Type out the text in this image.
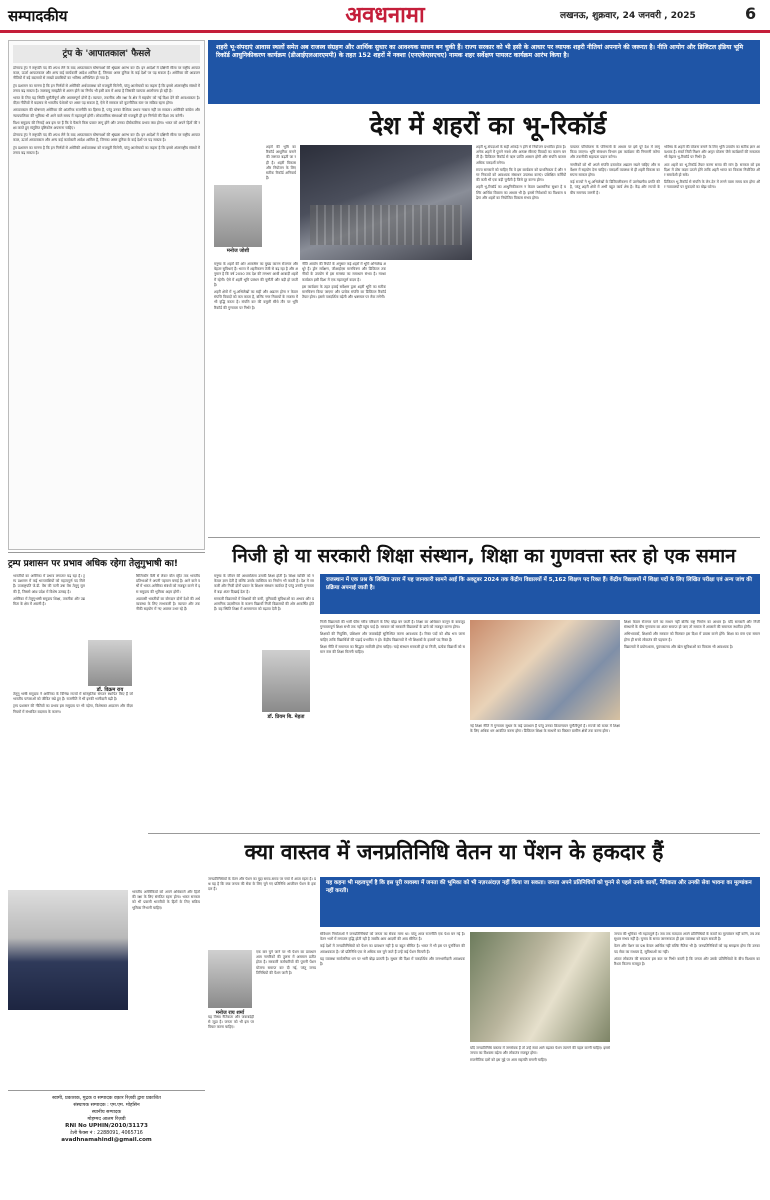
सम्पादकीय	अवधनामा	लखनऊ, शुक्रवार, 24 जनवरी , 2025	6
ट्रंप के 'आपातकाल' फैसले

डोनाल्ड ट्रंप ने राष्ट्रपति पद की शपथ लेने के बाद आपातकाल घोषणाओं की श्रृंखला आरंभ कर दी। इन आदेशों में दक्षिणी सीमा पर राष्ट्रीय आपातकाल, ऊर्जा आपातकाल और अन्य कई कार्यकारी आदेश शामिल हैं, जिनका असर दुनिया के कई देशों पर पड़ सकता है। अमेरिका की आव्रजन नीतियों में बड़े बदलावों से लाखों प्रवासियों का भविष्य अनिश्चित हो गया है।

ट्रंप प्रशासन का मानना है कि इन निर्णयों से अमेरिकी अर्थव्यवस्था को मजबूती मिलेगी, परंतु आलोचकों का कहना है कि इससे अंतरराष्ट्रीय संबंधों में तनाव बढ़ सकता है। जलवायु समझौते से अलग होने का निर्णय भी इसी क्रम में आया है जिसकी व्यापक आलोचना हो रही है।

भारत के लिए यह स्थिति चुनौतीपूर्ण और अवसरपूर्ण दोनों है। व्यापार, तकनीक और रक्षा के क्षेत्र में सहयोग को नई दिशा देने की आवश्यकता है। वीज़ा नीतियों में बदलाव से भारतीय पेशेवरों पर असर पड़ सकता है, ऐसे में सरकार को कूटनीतिक स्तर पर सक्रिय रहना होगा।

आपातकाल की घोषणाएं अमेरिका की आंतरिक राजनीति का हिस्सा हैं, परंतु उनका वैश्विक प्रभाव नकारा नहीं जा सकता। अमेरिकी कांग्रेस और न्यायपालिका की भूमिका भी आने वाले समय में महत्वपूर्ण होगी। लोकतांत्रिक संस्थाओं की मजबूती ही इन निर्णयों की दिशा तय करेगी।

विश्व समुदाय की निगाहें अब इस पर हैं कि ये फैसले किस प्रकार लागू होंगे और उनका दीर्घकालिक प्रभाव क्या होगा। भारत को अपने हितों की रक्षा करते हुए संतुलित दृष्टिकोण अपनाना चाहिए।

डोनाल्ड ट्रंप ने राष्ट्रपति पद की शपथ लेने के बाद आपातकाल घोषणाओं की श्रृंखला आरंभ कर दी। इन आदेशों में दक्षिणी सीमा पर राष्ट्रीय आपातकाल, ऊर्जा आपातकाल और अन्य कई कार्यकारी आदेश शामिल हैं, जिनका असर दुनिया के कई देशों पर पड़ सकता है।

ट्रंप प्रशासन का मानना है कि इन निर्णयों से अमेरिकी अर्थव्यवस्था को मजबूती मिलेगी, परंतु आलोचकों का कहना है कि इससे अंतरराष्ट्रीय संबंधों में तनाव बढ़ सकता है।

शहरी भू-संपदाएं आवास स्थलों समेत अब राजस्व संग्रहण और आर्थिक सुधार का आवश्यक साधन बन चुकी हैं। राज्य सरकार को भी इसी के आधार पर व्यापक शहरी नीतियां अपनाने की जरूरत है। नीति आयोग और डिजिटल इंडिया भूमि रिकॉर्ड आधुनिकीकरण कार्यक्रम (डीआईएलआरएमपी) के तहत 152 शहरों में नक्शा (एनएकेएसएचए) नामक शहर सर्वेक्षण पायलट कार्यक्रम आरंभ किया है।
देश में शहरों का भू-रिकॉर्ड
मनोज जोशी

शहरों की भूमि का रिकॉर्ड आधुनिक बनाने की जरूरत बढ़ती जा रही है। शहरी विकास और नियोजन के लिए सटीक रिकॉर्ड अनिवार्य हैं।

मनुष्य के शहरों की ओर आकर्षण का मुख्य कारण रोजगार और बेहतर सुविधाएं हैं। भारत में शहरीकरण तेजी से बढ़ रहा है और अनुमान है कि वर्ष 2050 तक देश की लगभग आधी आबादी शहरों में रहेगी। ऐसे में शहरी भूमि प्रबंधन की चुनौती और बड़ी हो जाती है।

शहरी क्षेत्रों में भू-अभिलेखों का सही और अद्यतन होना न केवल संपत्ति विवादों को कम करता है, बल्कि नगर निकायों के राजस्व में भी वृद्धि करता है। संपत्ति कर की वसूली सीधे तौर पर भूमि रिकॉर्ड की गुणवत्ता पर निर्भर है।

नीति आयोग की रिपोर्ट के अनुसार कई शहरों में भूमि अभिलेख अधूरे हैं। ड्रोन सर्वेक्षण, जीआईएस मानचित्रण और डिजिटल तकनीकों के उपयोग से इस समस्या का समाधान संभव है। नक्शा कार्यक्रम इसी दिशा में एक महत्वपूर्ण कदम है।

इस कार्यक्रम के तहत हवाई सर्वेक्षण द्वारा शहरी भूमि का सटीक मानचित्रण किया जाएगा और प्रत्येक संपत्ति का डिजिटल रिकॉर्ड तैयार होगा। इससे पारदर्शिता बढ़ेगी और भ्रष्टाचार पर रोक लगेगी।

शहरी भू-संपदाओं के सही आंकड़े न होने से नियोजन प्रभावित होता है। अनेक शहरों में पुराने नक्शे और अस्पष्ट सीमाएं विवादों का कारण बनती हैं। डिजिटल रिकॉर्ड से ऋण प्राप्ति आसान होगी और संपत्ति बाजार अधिक पारदर्शी बनेगा।

राज्य सरकारों को चाहिए कि वे इस कार्यक्रम को प्राथमिकता दें और नगर निकायों को आवश्यक संसाधन उपलब्ध कराएं। प्रशिक्षित कर्मियों की कमी भी एक बड़ी चुनौती है जिसे दूर करना होगा।

शहरी भू-रिकॉर्ड का आधुनिकीकरण न केवल प्रशासनिक सुधार है बल्कि आर्थिक विकास का आधार भी है। इससे निवेशकों का विश्वास बढ़ेगा और शहरों का नियोजित विकास संभव होगा।

पायलट परियोजना के परिणामों के आधार पर इसे पूरे देश में लागू किया जाएगा। भूमि संसाधन विभाग इस कार्यक्रम की निगरानी करेगा और तकनीकी सहायता प्रदान करेगा।

नागरिकों को भी अपने संपत्ति दस्तावेज अद्यतन रखने चाहिए और सर्वेक्षण में सहयोग देना चाहिए। पारदर्शी व्यवस्था से ही शहरी विकास का सपना साकार होगा।

कई राज्यों ने भू-अभिलेखों के डिजिटलीकरण में उल्लेखनीय प्रगति की है, परंतु शहरी क्षेत्रों में अभी बहुत कार्य शेष है। केंद्र और राज्यों के बीच समन्वय जरूरी है।

भविष्य के शहरों की योजना बनाने के लिए भूमि उपयोग का सटीक ज्ञान आवश्यक है। स्मार्ट सिटी मिशन और अमृत योजना जैसे कार्यक्रमों की सफलता भी बेहतर भू-रिकॉर्ड पर निर्भर है।

अतः शहरों का भू-रिकॉर्ड तैयार करना समय की मांग है। सरकार को इस दिशा में ठोस कदम उठाने होंगे ताकि शहरी भारत का विकास नियोजित और समावेशी हो सके।

डिजिटल भू-रिकॉर्ड से संपत्ति के लेन-देन में लगने वाला समय कम होगा और न्यायालयों पर मुकदमों का बोझ घटेगा।

निजी हो या सरकारी शिक्षा संस्थान, शिक्षा का गुणवत्ता स्तर हो एक समान
राजस्थान में एक प्रश्न के लिखित उत्तर में यह जानकारी सामने आई कि अक्टूबर 2024 तक केंद्रीय विद्यालयों में 5,162 शिक्षण पद रिक्त हैं। केंद्रीय विद्यालयों में शिक्षा पदों के लिए लिखित परीक्षा एवं अन्य जांच की प्रक्रिया अपनाई जाती है।
डॉ. प्रियम बि. मेहता

मनुष्य के जीवन की आधारशिला उसकी शिक्षा होती है। शिक्षा व्यक्ति को न केवल ज्ञान देती है बल्कि उसके व्यक्तित्व का निर्माण भी करती है। देश में सरकारी और निजी दोनों प्रकार के शिक्षण संस्थान कार्यरत हैं परंतु उनकी गुणवत्ता में बड़ा अंतर दिखाई देता है।

सरकारी विद्यालयों में शिक्षकों की कमी, बुनियादी सुविधाओं का अभाव और प्रशासनिक उदासीनता के कारण विद्यार्थी निजी विद्यालयों की ओर आकर्षित होते हैं। यह स्थिति शिक्षा में असमानता को बढ़ावा देती है।

निजी विद्यालयों की भारी फीस गरीब परिवारों के लिए बोझ बन जाती है। शिक्षा का अधिकार कानून के बावजूद गुणवत्तापूर्ण शिक्षा सभी तक नहीं पहुंच पाई है। सरकार को सरकारी विद्यालयों के ढांचे को मजबूत करना होगा।

शिक्षकों की नियुक्ति, प्रशिक्षण और जवाबदेही सुनिश्चित करना आवश्यक है। रिक्त पदों को शीघ्र भरा जाना चाहिए ताकि विद्यार्थियों की पढ़ाई प्रभावित न हो। केंद्रीय विद्यालयों में भी शिक्षकों के हजारों पद रिक्त हैं।

शिक्षा नीति में समानता का सिद्धांत सर्वोपरि होना चाहिए। चाहे संस्थान सरकारी हो या निजी, प्रत्येक विद्यार्थी को समान स्तर की शिक्षा मिलनी चाहिए।

नई शिक्षा नीति में गुणवत्ता सुधार के कई प्रावधान हैं परंतु उनका क्रियान्वयन चुनौतीपूर्ण है। राज्यों को बजट में शिक्षा के लिए अधिक धन आवंटित करना होगा। डिजिटल शिक्षा के साधनों का विस्तार ग्रामीण क्षेत्रों तक करना होगा।

शिक्षा केवल रोजगार पाने का साधन नहीं बल्कि राष्ट्र निर्माण का आधार है। यदि सरकारी और निजी संस्थानों के बीच गुणवत्ता का अंतर समाप्त हो जाए तो समाज में अवसरों की समानता स्थापित होगी।

अभिभावकों, शिक्षकों और सरकार को मिलकर इस दिशा में प्रयास करने होंगे। शिक्षा का स्तर एक समान होना ही सच्चे लोकतंत्र की पहचान है।

विद्यालयों में प्रयोगशाला, पुस्तकालय और खेल सुविधाओं का विकास भी आवश्यक है।

ट्रम्प प्रशासन पर प्रभाव अधिक रहेगा तेलुगुभाषी का!

भारतीयों का अमेरिका में प्रभाव लगातार बढ़ रहा है। ट्रम्प प्रशासन में कई भारतवंशियों को महत्वपूर्ण पद मिले हैं। उपराष्ट्रपति जे.डी. वेंस की पत्नी उषा वेंस तेलुगु मूल की हैं, जिससे आंध्र प्रदेश में विशेष उत्साह है।

अमेरिका में तेलुगुभाषी समुदाय शिक्षा, तकनीक और उद्यमिता के क्षेत्र में अग्रणी है।

सिलिकॉन वैली से लेकर वॉल स्ट्रीट तक भारतीय प्रतिभाओं ने अपनी पहचान बनाई है। आने वाले वर्षों में भारत-अमेरिका संबंधों को मजबूत करने में इस समुदाय की भूमिका अहम होगी।

अप्रवासी भारतीयों का योगदान दोनों देशों की अर्थव्यवस्था के लिए लाभकारी है। व्यापार और तकनीकी सहयोग में नए अवसर उभर रहे हैं।

डॉ. विक्रम राय

तेलुगु भाषी समुदाय ने अमेरिका के विभिन्न राज्यों में सांस्कृतिक संगठन स्थापित किए हैं जो भारतीय परंपराओं को जीवित रखे हुए हैं। राजनीति में भी इनकी भागीदारी बढ़ी है।

ट्रम्प प्रशासन की नीतियों का प्रभाव इस समुदाय पर भी पड़ेगा, विशेषकर आव्रजन और वीज़ा नियमों में संभावित बदलाव के कारण।

भारतीय अमेरिकियों को अपने अधिकारों और हितों की रक्षा के लिए संगठित रहना होगा। भारत सरकार को भी प्रवासी भारतीयों के हितों के लिए सक्रिय भूमिका निभानी चाहिए।

क्या वास्तव में जनप्रतिनिधि वेतन या पेंशन के हकदार हैं
यह कहना भी महत्वपूर्ण है कि इस पूरी व्यवस्था में जनता की भूमिका को भी नज़रअंदाज़ नहीं किया जा सकता। जनता अपने प्रतिनिधियों को चुनने से पहले उनके कार्यों, नैतिकता और उनकी सेवा भावना का मूल्यांकन नहीं करती।

जनप्रतिनिधियों के वेतन और पेंशन का मुद्दा समय-समय पर चर्चा में आता रहता है। प्रश्न यह है कि क्या जनता की सेवा के लिए चुने गए प्रतिनिधि आजीवन पेंशन के हकदार हैं।

मनोज राय शर्मा

एक बार चुने जाने पर भी पेंशन का प्रावधान आम नागरिकों की तुलना में असमान प्रतीत होता है। सरकारी कर्मचारियों की पुरानी पेंशन योजना समाप्त कर दी गई, परंतु जनप्रतिनिधियों की पेंशन जारी है।

यह विषय नैतिकता और जवाबदेही से जुड़ा है। जनता को भी इस पर विचार करना चाहिए।

संविधान निर्माताओं ने जनप्रतिनिधियों को जनता का सेवक माना था। परंतु आज राजनीति एक पेशा बन गई है। वेतन भत्तों में लगातार वृद्धि होती रही है जबकि आम आदमी की आय सीमित है।

कई देशों में जनप्रतिनिधियों को पेंशन का प्रावधान नहीं है या बहुत सीमित है। भारत में भी इस पर पुनर्विचार की आवश्यकता है। जो प्रतिनिधि एक से अधिक बार चुने जाते हैं उन्हें कई पेंशन मिलती हैं।

यह व्यवस्था सार्वजनिक धन पर भारी बोझ डालती है। सुधार की दिशा में पारदर्शिता और जनभागीदारी आवश्यक है।

यदि जनप्रतिनिधि वास्तव में जनसेवक हैं तो उन्हें स्वयं आगे बढ़कर पेंशन त्यागने की पहल करनी चाहिए। इससे जनता का विश्वास बढ़ेगा और लोकतंत्र मजबूत होगा।

राजनीतिक दलों को इस मुद्दे पर आम सहमति बनानी चाहिए।

जनता की भूमिका भी महत्वपूर्ण है। जब तक मतदाता अपने प्रतिनिधियों के कार्यों का मूल्यांकन नहीं करेंगे, तब तक सुधार संभव नहीं है। चुनाव के समय जागरूकता ही इस व्यवस्था को बदल सकती है।

वेतन और पेंशन का प्रश्न केवल आर्थिक नहीं बल्कि नैतिक भी है। जनप्रतिनिधियों को यह समझना होगा कि उनका पद सेवा का माध्यम है, सुविधाओं का नहीं।

अंततः लोकतंत्र की सफलता इस बात पर निर्भर करती है कि जनता और उसके प्रतिनिधियों के बीच विश्वास का रिश्ता कितना मजबूत है।

स्वामी, प्रकाशक, मुद्रक व सम्पादक वक़ार रिज़वी द्वारा प्रकाशित
संस्थापक सम्पादक : एम.एम. मोहसिन
स्थानीय सम्पादक
मोहम्मद आलम रिज़वी
RNI No UPHIN/2010/31173
टेली फैक्स नं : 2288091, 4065716
avadhnamahindi@gmail.com
